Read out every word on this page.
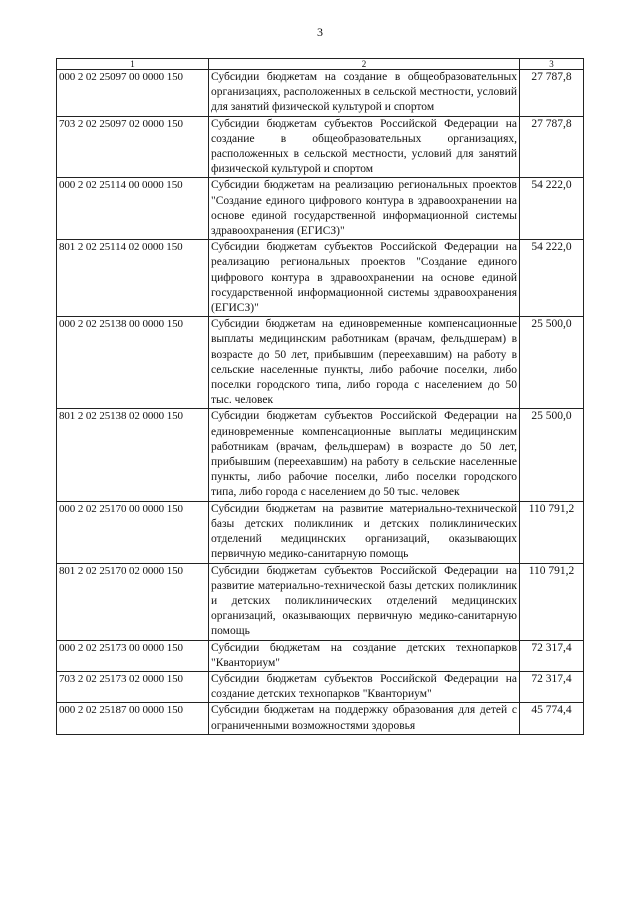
3
1	2	3
000 2 02 25097 00 0000 150	Субсидии бюджетам на создание в общеобразовательных организациях, расположенных в сельской местности, условий для занятий физической культурой и спортом	27 787,8
703 2 02 25097 02 0000 150	Субсидии бюджетам субъектов Российской Федерации на создание в общеобразовательных организациях, расположенных в сельской местности, условий для занятий физической культурой и спортом	27 787,8
000 2 02 25114 00 0000 150	Субсидии бюджетам на реализацию региональных проектов "Создание единого цифрового контура в здравоохранении на основе единой государственной информационной системы здравоохранения (ЕГИСЗ)"	54 222,0
801 2 02 25114 02 0000 150	Субсидии бюджетам субъектов Российской Федерации на реализацию региональных проектов "Создание единого цифрового контура в здравоохранении на основе единой государственной информационной системы здравоохранения (ЕГИСЗ)"	54 222,0
000 2 02 25138 00 0000 150	Субсидии бюджетам на единовременные компенсационные выплаты медицинским работникам (врачам, фельдшерам) в возрасте до 50 лет, прибывшим (переехавшим) на работу в сельские населенные пункты, либо рабочие поселки, либо поселки городского типа, либо города с населением до 50 тыс. человек	25 500,0
801 2 02 25138 02 0000 150	Субсидии бюджетам субъектов Российской Федерации на единовременные компенсационные выплаты медицинским работникам (врачам, фельдшерам) в возрасте до 50 лет, прибывшим (переехавшим) на работу в сельские населенные пункты, либо рабочие поселки, либо поселки городского типа, либо города с населением до 50 тыс. человек	25 500,0
000 2 02 25170 00 0000 150	Субсидии бюджетам на развитие материально-технической базы детских поликлиник и детских поликлинических отделений медицинских организаций, оказывающих первичную медико-санитарную помощь	110 791,2
801 2 02 25170 02 0000 150	Субсидии бюджетам субъектов Российской Федерации на развитие материально-технической базы детских поликлиник и детских поликлинических отделений медицинских организаций, оказывающих первичную медико-санитарную помощь	110 791,2
000 2 02 25173 00 0000 150	Субсидии бюджетам на создание детских технопарков "Кванториум"	72 317,4
703 2 02 25173 02 0000 150	Субсидии бюджетам субъектов Российской Федерации на создание детских технопарков "Кванториум"	72 317,4
000 2 02 25187 00 0000 150	Субсидии бюджетам на поддержку образования для детей с ограниченными возможностями здоровья	45 774,4
